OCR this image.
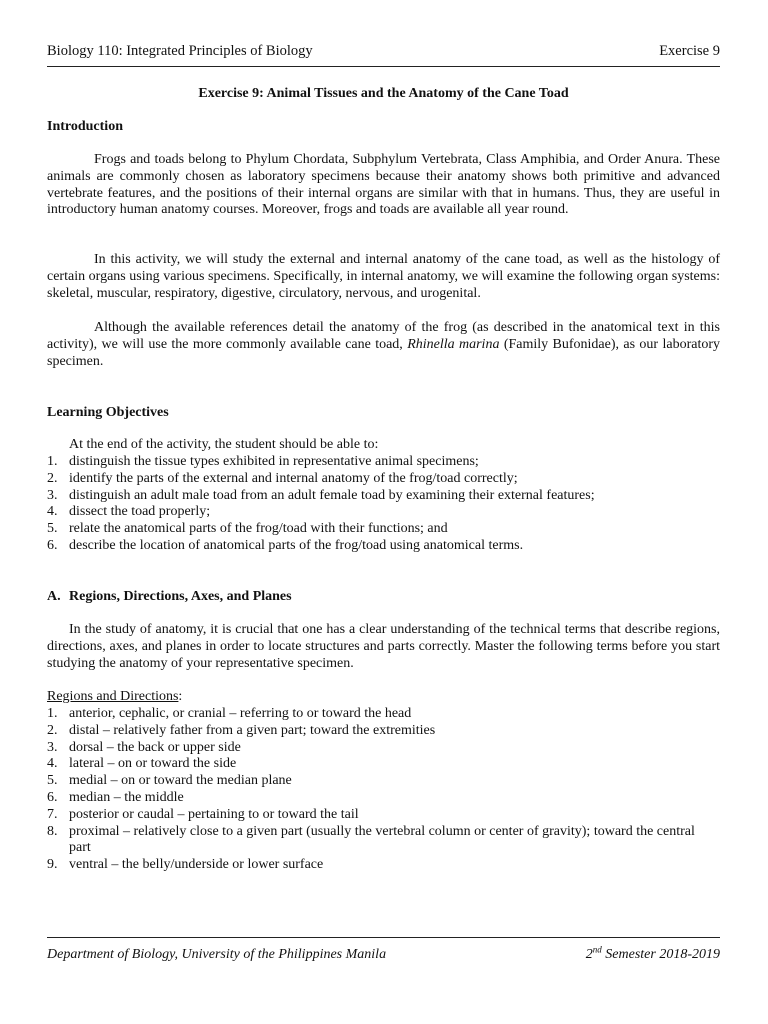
Biology 110: Integrated Principles of Biology	Exercise 9
Exercise 9: Animal Tissues and the Anatomy of the Cane Toad
Introduction
Frogs and toads belong to Phylum Chordata, Subphylum Vertebrata, Class Amphibia, and Order Anura. These animals are commonly chosen as laboratory specimens because their anatomy shows both primitive and advanced vertebrate features, and the positions of their internal organs are similar with that in humans. Thus, they are useful in introductory human anatomy courses. Moreover, frogs and toads are available all year round.
In this activity, we will study the external and internal anatomy of the cane toad, as well as the histology of certain organs using various specimens. Specifically, in internal anatomy, we will examine the following organ systems: skeletal, muscular, respiratory, digestive, circulatory, nervous, and urogenital.
Although the available references detail the anatomy of the frog (as described in the anatomical text in this activity), we will use the more commonly available cane toad, Rhinella marina (Family Bufonidae), as our laboratory specimen.
Learning Objectives
At the end of the activity, the student should be able to:
1. distinguish the tissue types exhibited in representative animal specimens;
2. identify the parts of the external and internal anatomy of the frog/toad correctly;
3. distinguish an adult male toad from an adult female toad by examining their external features;
4. dissect the toad properly;
5. relate the anatomical parts of the frog/toad with their functions; and
6. describe the location of anatomical parts of the frog/toad using anatomical terms.
A. Regions, Directions, Axes, and Planes
In the study of anatomy, it is crucial that one has a clear understanding of the technical terms that describe regions, directions, axes, and planes in order to locate structures and parts correctly. Master the following terms before you start studying the anatomy of your representative specimen.
Regions and Directions:
1. anterior, cephalic, or cranial – referring to or toward the head
2. distal – relatively father from a given part; toward the extremities
3. dorsal – the back or upper side
4. lateral – on or toward the side
5. medial – on or toward the median plane
6. median – the middle
7. posterior or caudal – pertaining to or toward the tail
8. proximal – relatively close to a given part (usually the vertebral column or center of gravity); toward the central part
9. ventral – the belly/underside or lower surface
Department of Biology, University of the Philippines Manila	2nd Semester 2018-2019
